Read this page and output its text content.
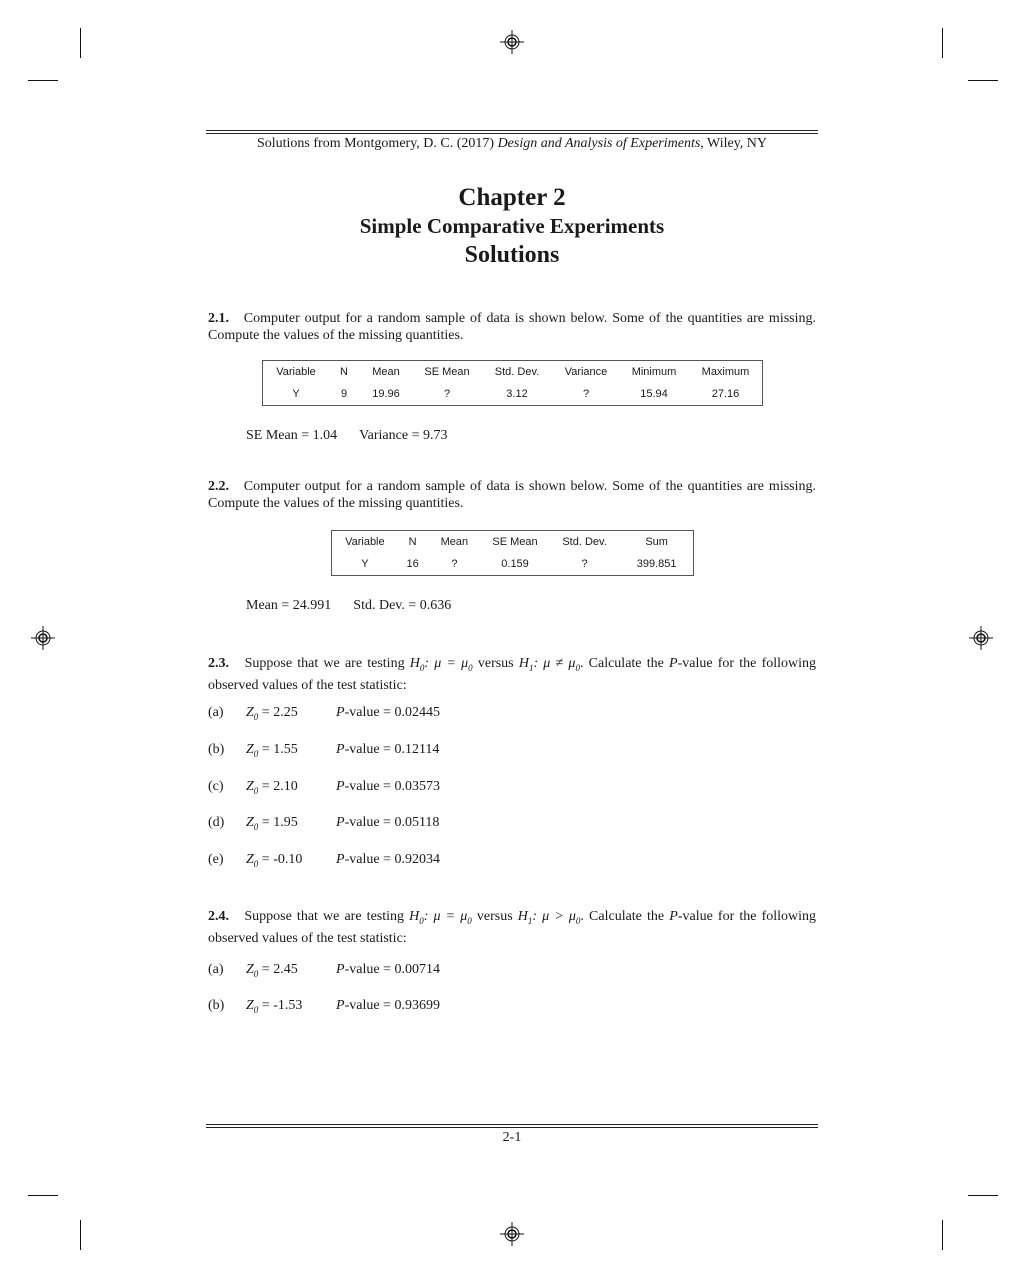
Solutions from Montgomery, D. C. (2017) Design and Analysis of Experiments, Wiley, NY
Chapter 2
Simple Comparative Experiments
Solutions
2.1. Computer output for a random sample of data is shown below. Some of the quantities are missing. Compute the values of the missing quantities.
Variable	N	Mean	SE Mean	Std. Dev.	Variance	Minimum	Maximum
Y	9	19.96	?	3.12	?	15.94	27.16
SE Mean = 1.04 Variance = 9.73
2.2. Computer output for a random sample of data is shown below. Some of the quantities are missing. Compute the values of the missing quantities.
Variable	N	Mean	SE Mean	Std. Dev.	Sum
Y	16	?	0.159	?	399.851
Mean = 24.991 Std. Dev. = 0.636
2.3. Suppose that we are testing $H_0$: $\mu = \mu_0$ versus $H_1$: $\mu \ne \mu_0$. Calculate the P-value for the following observed values of the test statistic:
(a) $Z_0 = 2.25$	P-value = 0.02445
(b) $Z_0 = 1.55$	P-value = 0.12114
(c) $Z_0 = 2.10$	P-value = 0.03573
(d) $Z_0 = 1.95$	P-value = 0.05118
(e) $Z_0 = -0.10$ P-value = 0.92034
2.4. Suppose that we are testing $H_0$: $\mu = \mu_0$ versus $H_1$: $\mu > \mu_0$. Calculate the P-value for the following observed values of the test statistic:
(a) $Z_0 = 2.45$	P-value = 0.00714
(b) $Z_0 = -1.53$ P-value = 0.93699
2-1
